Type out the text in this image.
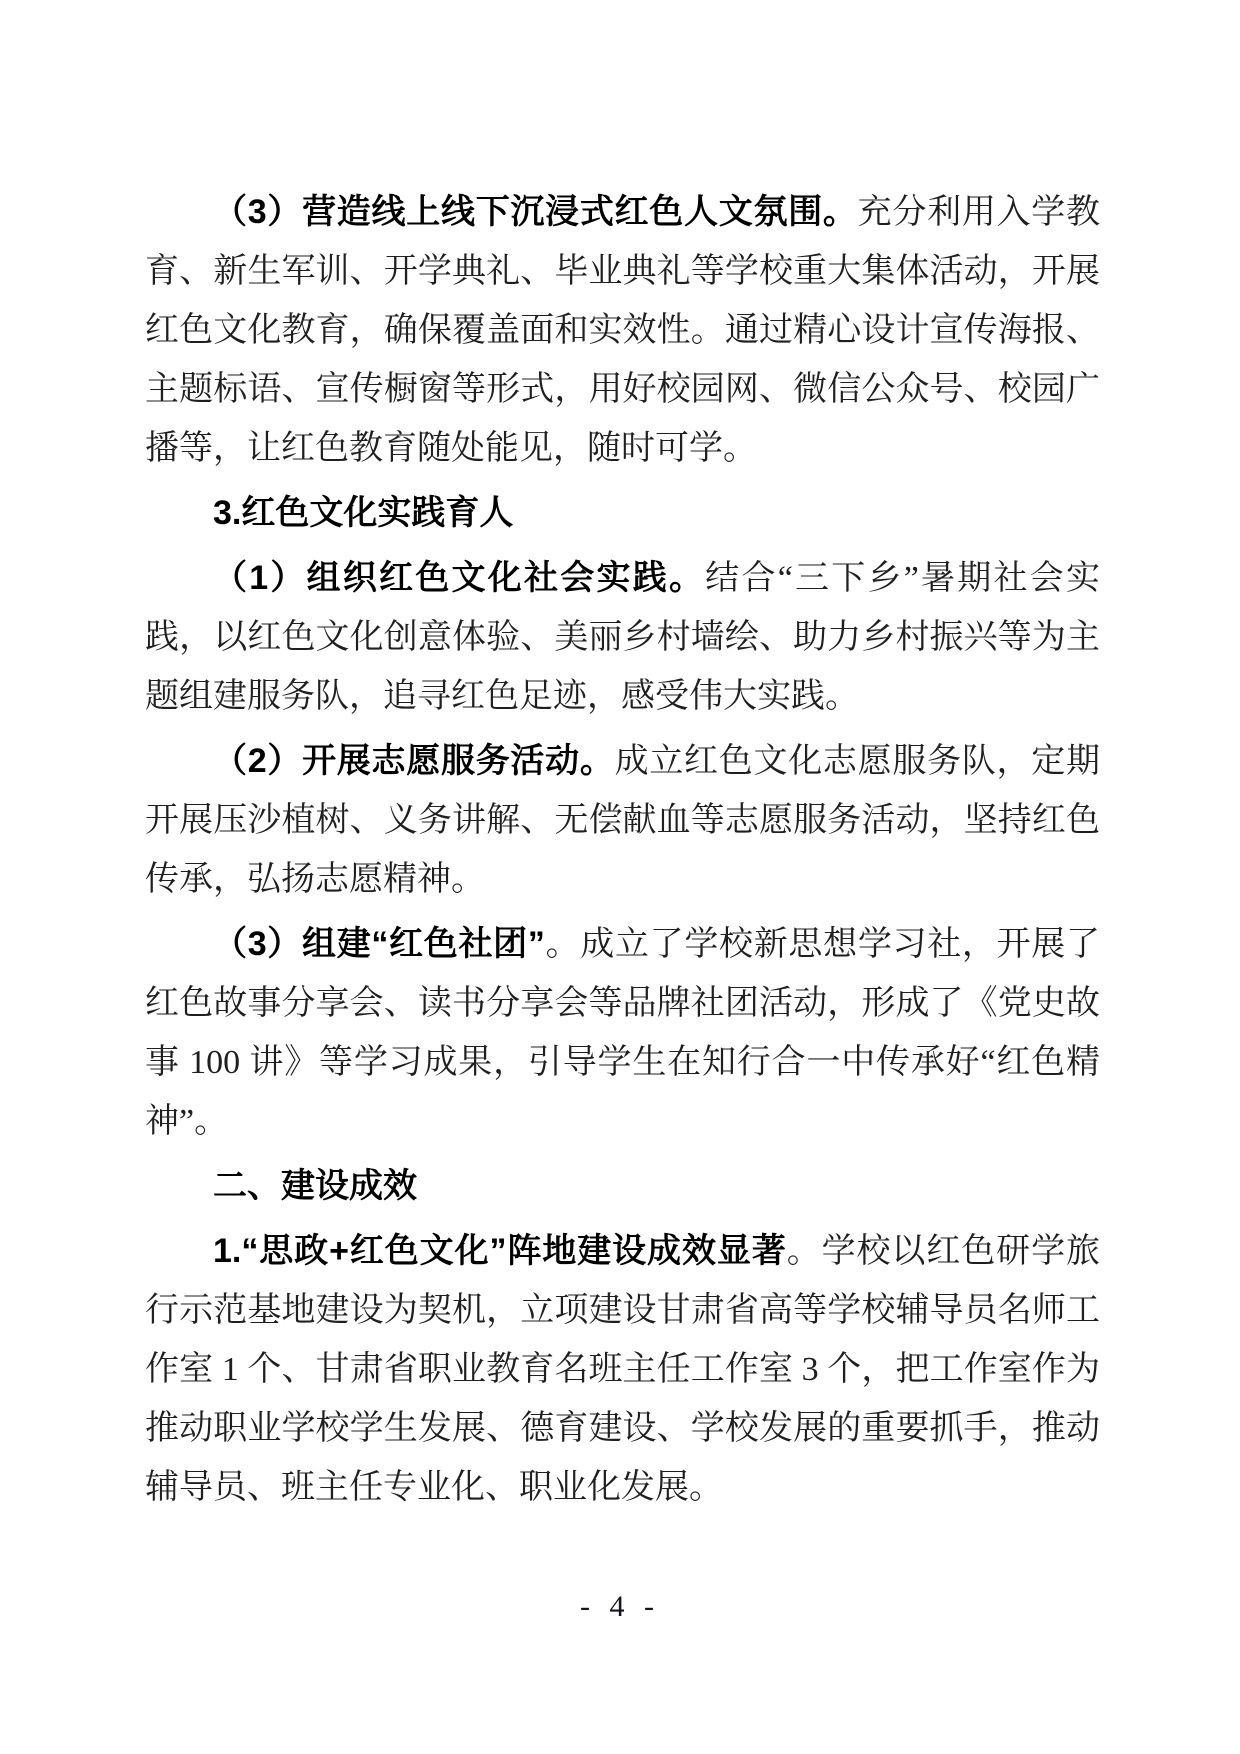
（3）营造线上线下沉浸式红色人文氛围。充分利用入学教育、新生军训、开学典礼、毕业典礼等学校重大集体活动，开展红色文化教育，确保覆盖面和实效性。通过精心设计宣传海报、主题标语、宣传橱窗等形式，用好校园网、微信公众号、校园广播等，让红色教育随处能见，随时可学。

3.红色文化实践育人

（1）组织红色文化社会实践。结合“三下乡”暑期社会实践，以红色文化创意体验、美丽乡村墙绘、助力乡村振兴等为主题组建服务队，追寻红色足迹，感受伟大实践。

（2）开展志愿服务活动。成立红色文化志愿服务队，定期开展压沙植树、义务讲解、无偿献血等志愿服务活动，坚持红色传承，弘扬志愿精神。

（3）组建“红色社团”。成立了学校新思想学习社，开展了红色故事分享会、读书分享会等品牌社团活动，形成了《党史故事 100 讲》等学习成果，引导学生在知行合一中传承好“红色精神”。

二、建设成效

1.“思政+红色文化”阵地建设成效显著。学校以红色研学旅行示范基地建设为契机，立项建设甘肃省高等学校辅导员名师工作室 1 个、甘肃省职业教育名班主任工作室 3 个，把工作室作为推动职业学校学生发展、德育建设、学校发展的重要抓手，推动辅导员、班主任专业化、职业化发展。

- 4 -
